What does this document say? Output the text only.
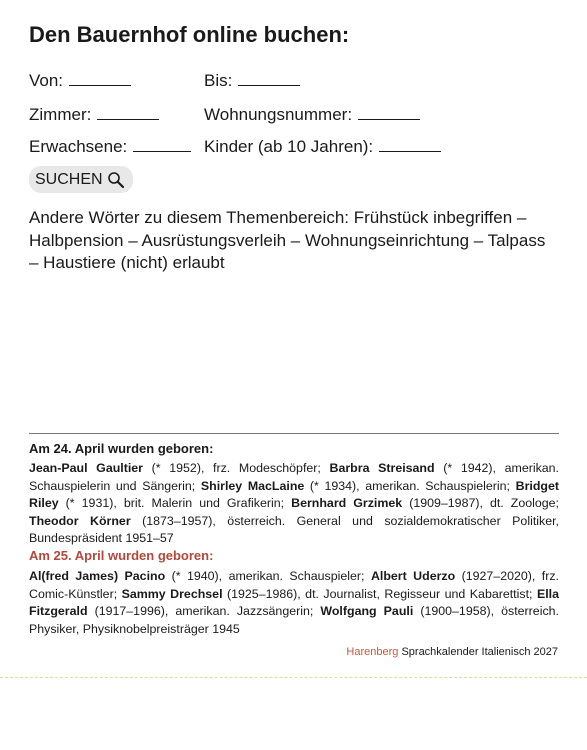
Den Bauernhof online buchen:
Von:	Bis:
Zimmer:	Wohnungsnummer:
Erwachsene:	Kinder (ab 10 Jahren):
SUCHEN
Andere Wörter zu diesem Themenbereich: Frühstück inbegriffen – Halbpension – Ausrüstungsverleih – Wohnungseinrichtung – Talpass – Haustiere (nicht) erlaubt
Am 24. April wurden geboren:
Jean-Paul Gaultier (* 1952), frz. Modeschöpfer; Barbra Streisand (* 1942), amerikan. Schauspielerin und Sängerin; Shirley MacLaine (* 1934), amerikan. Schauspielerin; Bridget Riley (* 1931), brit. Malerin und Grafikerin; Bernhard Grzimek (1909–1987), dt. Zoologe; Theodor Körner (1873–1957), österreich. General und sozialdemokratischer Politiker, Bundespräsident 1951–57
Am 25. April wurden geboren:
Al(fred James) Pacino (* 1940), amerikan. Schauspieler; Albert Uderzo (1927–2020), frz. Comic-Künstler; Sammy Drechsel (1925–1986), dt. Journalist, Regisseur und Kabarettist; Ella Fitzgerald (1917–1996), amerikan. Jazzsängerin; Wolfgang Pauli (1900–1958), österreich. Physiker, Physiknobelpreisträger 1945
Harenberg Sprachkalender Italienisch 2027
